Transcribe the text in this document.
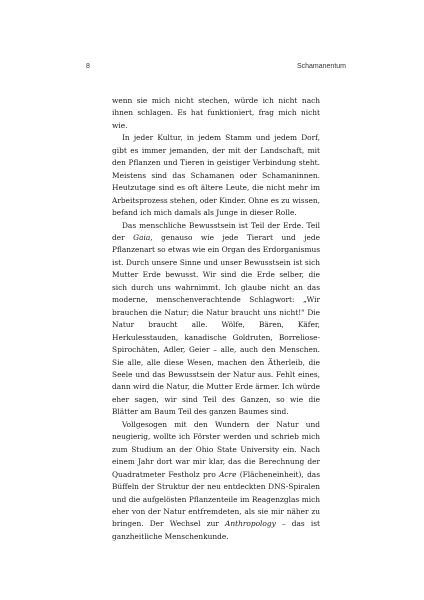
8	Schamanentum

wenn sie mich nicht stechen, würde ich nicht nach ihnen schlagen. Es hat funktioniert, frag mich nicht wie.

In jeder Kultur, in jedem Stamm und jedem Dorf, gibt es immer jemanden, der mit der Landschaft, mit den Pflanzen und Tieren in geistiger Verbindung steht. Meistens sind das Schamanen oder Schamaninnen. Heutzutage sind es oft ältere Leute, die nicht mehr im Arbeitsprozess stehen, oder Kinder. Ohne es zu wissen, befand ich mich damals als Junge in dieser Rolle.

Das menschliche Bewusstsein ist Teil der Erde. Teil der Gaia, genauso wie jede Tierart und jede Pflanzenart so etwas wie ein Organ des Erdorganismus ist. Durch unsere Sinne und unser Bewusstsein ist sich Mutter Erde bewusst. Wir sind die Erde selber, die sich durch uns wahrnimmt. Ich glaube nicht an das moderne, menschenverachtende Schlagwort: „Wir brauchen die Natur; die Natur braucht uns nicht!" Die Natur braucht alle. Wölfe, Bären, Käfer, Herkulesstauden, kanadische Goldruten, Borreliose-Spirochäten, Adler, Geier – alle, auch den Menschen. Sie alle, alle diese Wesen, machen den Ätherleib, die Seele und das Bewusstsein der Natur aus. Fehlt eines, dann wird die Natur, die Mutter Erde ärmer. Ich würde eher sagen, wir sind Teil des Ganzen, so wie die Blätter am Baum Teil des ganzen Baumes sind.

Vollgesogen mit den Wundern der Natur und neugierig, wollte ich Förster werden und schrieb mich zum Studium an der Ohio State University ein. Nach einem Jahr dort war mir klar, das die Berechnung der Quadratmeter Festholz pro Acre (Flächeneinheit), das Büffeln der Struktur der neu entdeckten DNS-Spiralen und die aufgelösten Pflanzenteile im Reagenzglas mich eher von der Natur entfremdeten, als sie mir näher zu bringen. Der Wechsel zur Anthropology – das ist ganzheitliche Menschenkunde.
